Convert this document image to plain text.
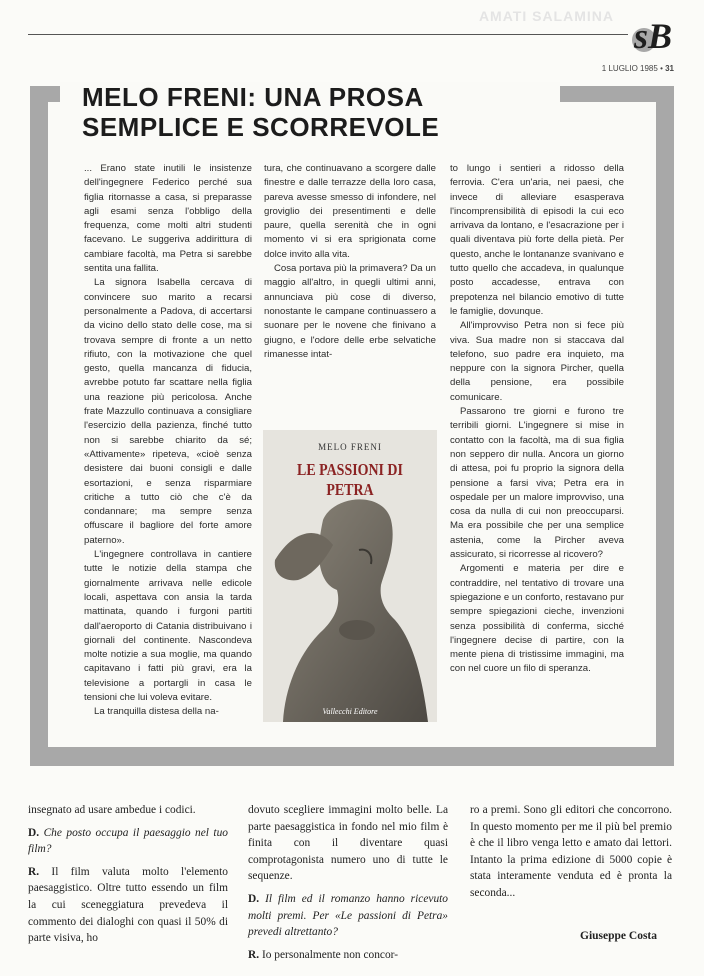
AMATI SALAMINA sB
1 LUGLIO 1985 • 31
MELO FRENI: UNA PROSA
SEMPLICE E SCORREVOLE

... Erano state inutili le insistenze dell'ingegnere Federico perché sua figlia ritornasse a casa, si preparasse agli esami senza l'obbligo della frequenza, come molti altri studenti facevano. Le suggeriva addirittura di cambiare facoltà, ma Petra si sarebbe sentita una fallita.

La signora Isabella cercava di convincere suo marito a recarsi personalmente a Padova, di accertarsi da vicino dello stato delle cose, ma si trovava sempre di fronte a un netto rifiuto, con la motivazione che quel gesto, quella mancanza di fiducia, avrebbe potuto far scattare nella figlia una reazione più pericolosa. Anche frate Mazzullo continuava a consigliare l'esercizio della pazienza, finché tutto non si sarebbe chiarito da sé; «Attivamente» ripeteva, «cioè senza desistere dai buoni consigli e dalle esortazioni, e senza risparmiare critiche a tutto ciò che c'è da condannare; ma sempre senza offuscare il bagliore del forte amore paterno».

L'ingegnere controllava in cantiere tutte le notizie della stampa che giornalmente arrivava nelle edicole locali, aspettava con ansia la tarda mattinata, quando i furgoni partiti dall'aeroporto di Catania distribuivano i giornali del continente. Nascondeva molte notizie a sua moglie, ma quando capitavano i fatti più gravi, era la televisione a portargli in casa le tensioni che lui voleva evitare.

La tranquilla distesa della na-

tura, che continuavano a scorgere dalle finestre e dalle terrazze della loro casa, pareva avesse smesso di infondere, nel groviglio dei presentimenti e delle paure, quella serenità che in ogni momento vi si era sprigionata come dolce invito alla vita.

Cosa portava più la primavera? Da un maggio all'altro, in quegli ultimi anni, annunciava più cose di diverso, nonostante le campane continuassero a suonare per le novene che finivano a giugno, e l'odore delle erbe selvatiche rimanesse intat-

to lungo i sentieri a ridosso della ferrovia. C'era un'aria, nei paesi, che invece di alleviare esasperava l'incomprensibilità di episodi la cui eco arrivava da lontano, e l'esacrazione per i quali diventava più forte della pietà. Per questo, anche le lontananze svanivano e tutto quello che accadeva, in qualunque posto accadesse, entrava con prepotenza nel bilancio emotivo di tutte le famiglie, dovunque.

All'improvviso Petra non si fece più viva. Sua madre non si staccava dal telefono, suo padre era inquieto, ma neppure con la signora Pircher, quella della pensione, era possibile comunicare.

Passarono tre giorni e furono tre terribili giorni. L'ingegnere si mise in contatto con la facoltà, ma di sua figlia non seppero dir nulla. Ancora un giorno di attesa, poi fu proprio la signora della pensione a farsi viva; Petra era in ospedale per un malore improvviso, una cosa da nulla di cui non preoccuparsi. Ma era possibile che per una semplice astenia, come la Pircher aveva assicurato, si ricorresse al ricovero?

Argomenti e materia per dire e contraddire, nel tentativo di trovare una spiegazione e un conforto, restavano pur sempre spiegazioni cieche, invenzioni senza possibilità di conferma, sicché l'ingegnere decise di partire, con la mente piena di tristissime immagini, ma con nel cuore un filo di speranza.

MELO FRENI
LE PASSIONI DI PETRA
Vallecchi Editore

insegnato ad usare ambedue i codici.

D. Che posto occupa il paesaggio nel tuo film?

R. Il film valuta molto l'elemento paesaggistico. Oltre tutto essendo un film la cui sceneggiatura prevedeva il commento dei dialoghi con quasi il 50% di parte visiva, ho

dovuto scegliere immagini molto belle. La parte paesaggistica in fondo nel mio film è finita con il diventare quasi comprotagonista numero uno di tutte le sequenze.

D. Il film ed il romanzo hanno ricevuto molti premi. Per «Le passioni di Petra» prevedi altrettanto?

R. Io personalmente non concor-

ro a premi. Sono gli editori che concorrono. In questo momento per me il più bel premio è che il libro venga letto e amato dai lettori. Intanto la prima edizione di 5000 copie è stata interamente venduta ed è pronta la seconda...

Giuseppe Costa
